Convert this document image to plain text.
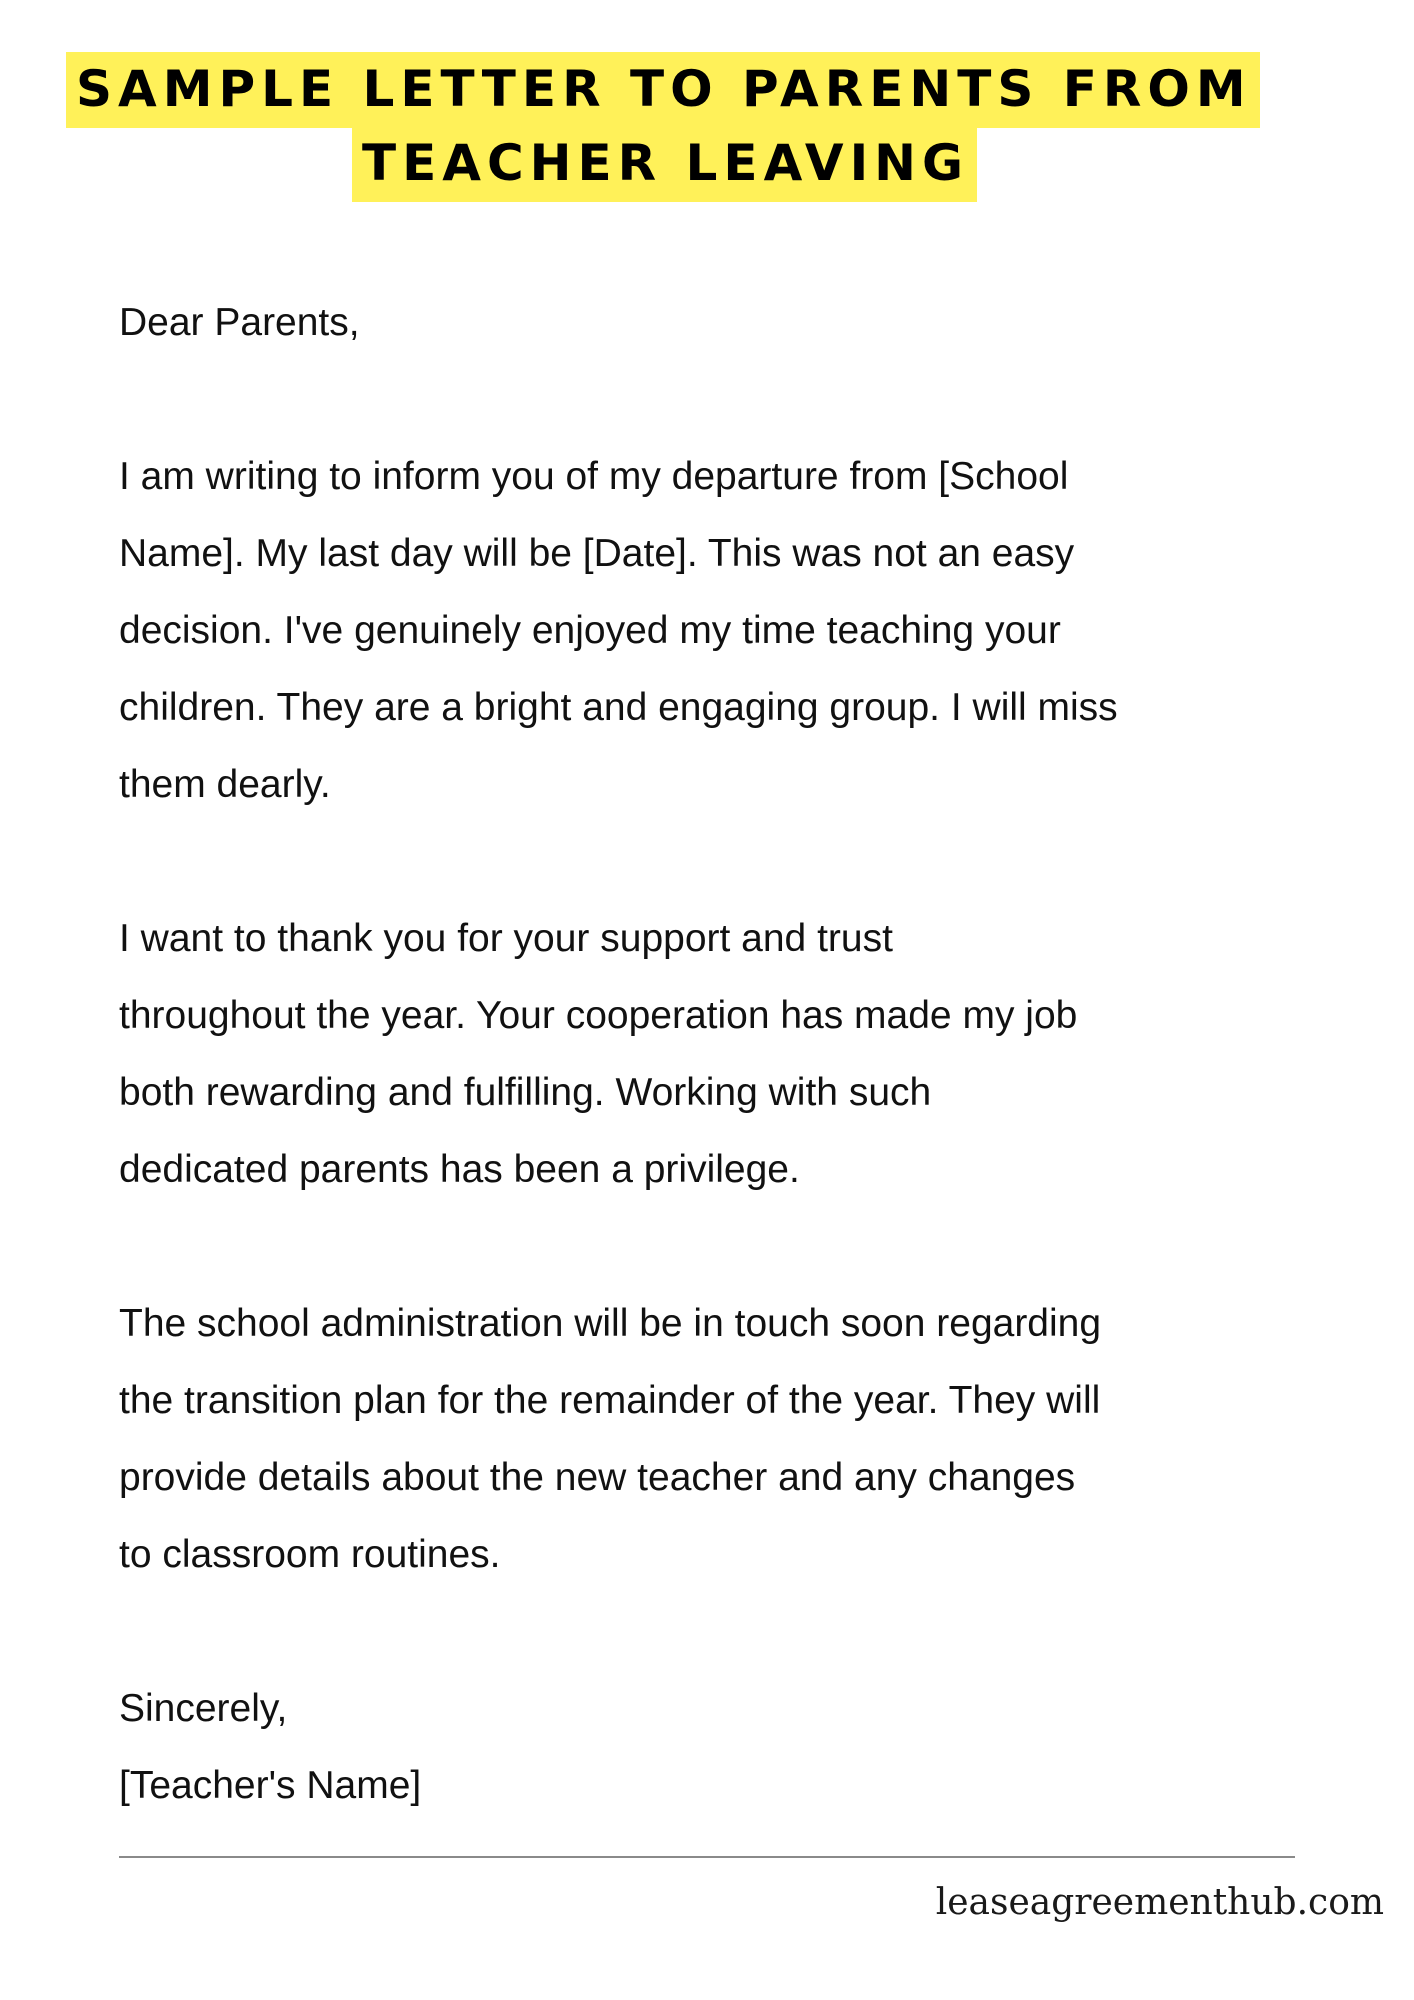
SAMPLE LETTER TO PARENTS FROM
TEACHER LEAVING

Dear Parents,

I am writing to inform you of my departure from [School

Name]. My last day will be [Date]. This was not an easy

decision. I've genuinely enjoyed my time teaching your

children. They are a bright and engaging group. I will miss

them dearly.

I want to thank you for your support and trust

throughout the year. Your cooperation has made my job

both rewarding and fulfilling. Working with such

dedicated parents has been a privilege.

The school administration will be in touch soon regarding

the transition plan for the remainder of the year. They will

provide details about the new teacher and any changes

to classroom routines.

Sincerely,

[Teacher's Name]

leaseagreementhub.com
